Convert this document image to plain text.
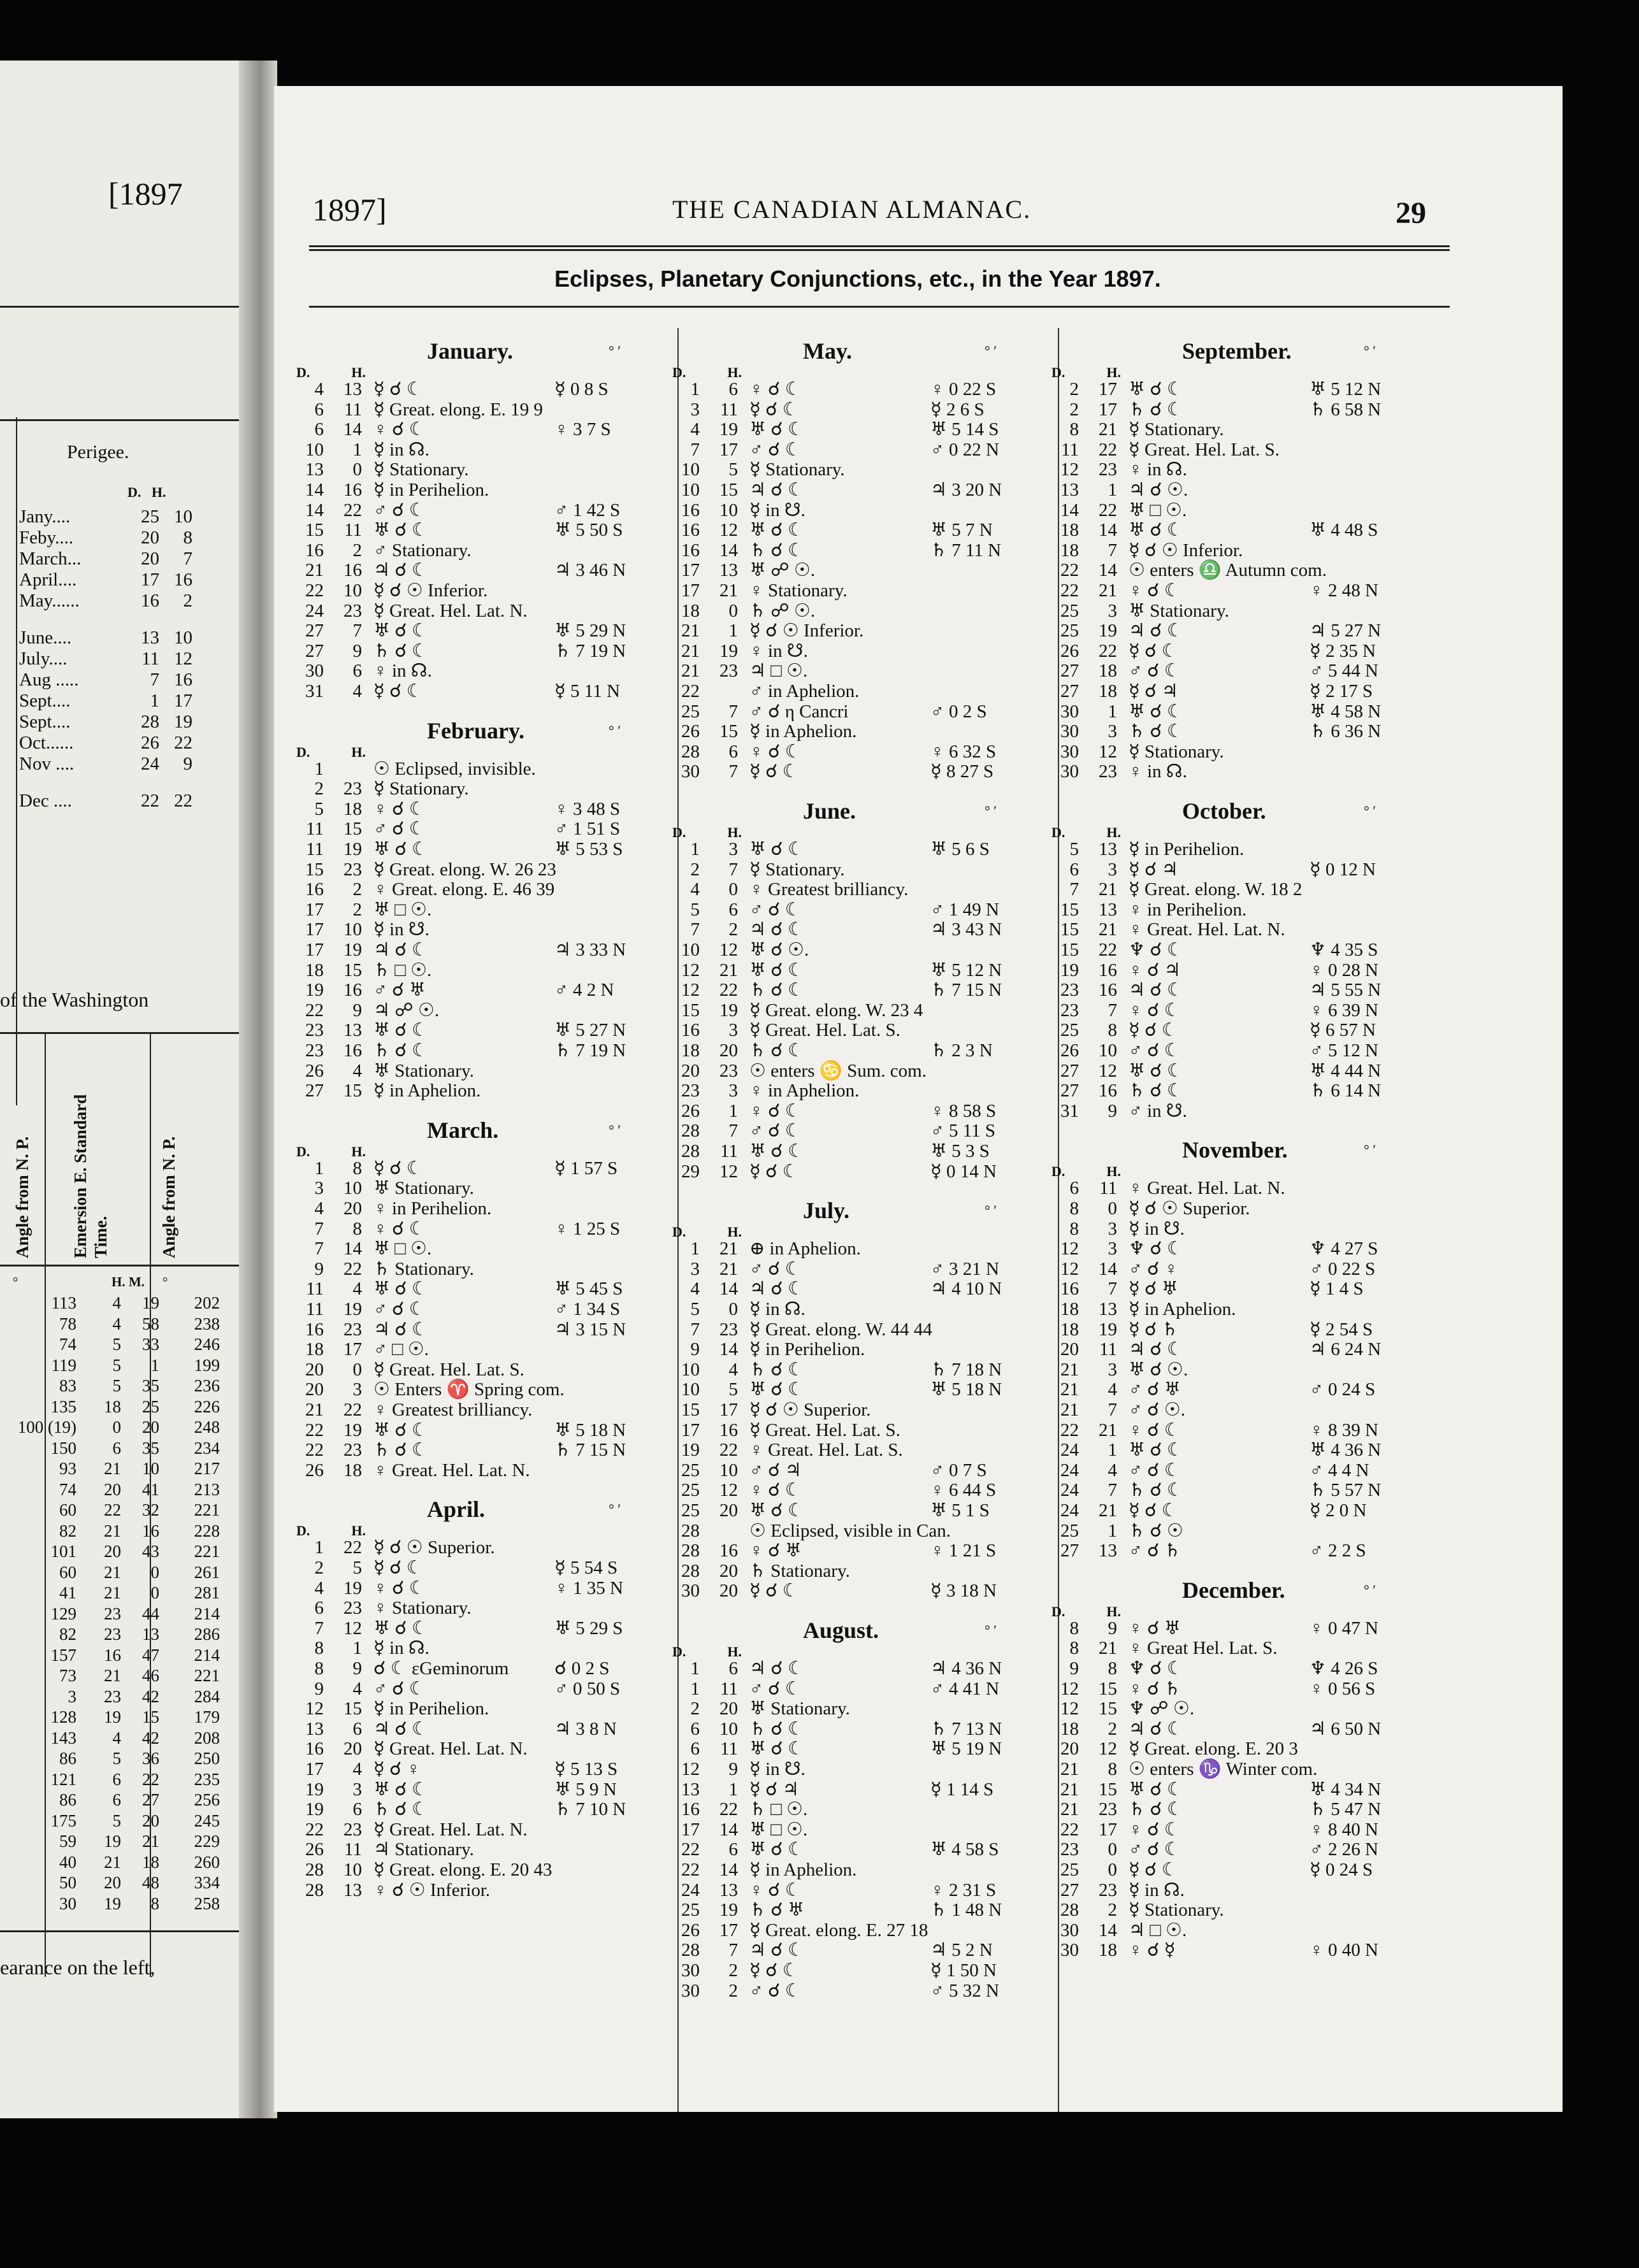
[1897
Perigee.
D. H.
Jany....	25 10
Feby....	20 8
March...	20 7
April....	17 16
May......	16 2
June....	13 10
July....	11 12
Aug .....	7 16
Sept....	1 17
Sept....	28 19
Oct......	26 22
Nov ....	24 9
Dec ....	22 22
of the Washington
Angle from N. P. Emersion E. Standard Time.	Angle from N. P.
°	H. M. °
113 4 19 202
78 4 58 238
74 5 33 246
119 5 1 199
83 5 35 236
135 18 25 226
100 (19) 0 20 248
150 6 35 234
93 21 10 217
74 20 41 213
60 22 32 221
82 21 16 228
101 20 43 221
60 21 0 261
41 21 0 281
129 23 44 214
82 23 13 286
157 16 47 214
73 21 46 221
3 23 42 284
128 19 15 179
143 4 42 208
86 5 36 250
121 6 22 235
86 6 27 256
175 5 20 245
59 19 21 229
40 21 18 260
50 20 48 334
30 19 8 258
earance on the left,
1897]	THE CANADIAN ALMANAC.	29
Eclipses, Planetary Conjunctions, etc., in the Year 1897.
January.	° ′
D.	H.
4 13 ☿ ☌ ☾	☿ 0 8 S
6 11 ☿ Great. elong. E. 19 9
6 14 ♀ ☌ ☾	♀ 3 7 S
10 1 ☿ in ☊.
13 0 ☿ Stationary.
14 16 ☿ in Perihelion.
14 22 ♂ ☌ ☾	♂ 1 42 S
15 11 ♅ ☌ ☾	♅ 5 50 S
16 2 ♂ Stationary.
21 16 ♃ ☌ ☾	♃ 3 46 N
22 10 ☿ ☌ ☉ Inferior.
24 23 ☿ Great. Hel. Lat. N.
27 7 ♅ ☌ ☾	♅ 5 29 N
27 9 ♄ ☌ ☾	♄ 7 19 N
30 6 ♀ in ☊.
31 4 ☿ ☌ ☾	☿ 5 11 N
February.	° ′
D.	H.
1	☉ Eclipsed, invisible.
2 23 ☿ Stationary.
5 18 ♀ ☌ ☾	♀ 3 48 S
11 15 ♂ ☌ ☾	♂ 1 51 S
11 19 ♅ ☌ ☾	♅ 5 53 S
15 23 ☿ Great. elong. W. 26 23
16 2 ♀ Great. elong. E. 46 39
17 2 ♅ □ ☉.
17 10 ☿ in ☋.
17 19 ♃ ☌ ☾	♃ 3 33 N
18 15 ♄ □ ☉.
19 16 ♂ ☌ ♅	♂ 4 2 N
22 9 ♃ ☍ ☉.
23 13 ♅ ☌ ☾	♅ 5 27 N
23 16 ♄ ☌ ☾	♄ 7 19 N
26 4 ♅ Stationary.
27 15 ☿ in Aphelion.
March.	° ′
D.	H.
1 8 ☿ ☌ ☾	☿ 1 57 S
3 10 ♅ Stationary.
4 20 ♀ in Perihelion.
7 8 ♀ ☌ ☾	♀ 1 25 S
7 14 ♅ □ ☉.
9 22 ♄ Stationary.
11 4 ♅ ☌ ☾	♅ 5 45 S
11 19 ♂ ☌ ☾	♂ 1 34 S
16 23 ♃ ☌ ☾	♃ 3 15 N
18 17 ♂ □ ☉.
20 0 ☿ Great. Hel. Lat. S.
20 3 ☉ Enters ♈ Spring com.
21 22 ♀ Greatest brilliancy.
22 19 ♅ ☌ ☾	♅ 5 18 N
22 23 ♄ ☌ ☾	♄ 7 15 N
26 18 ♀ Great. Hel. Lat. N.
April.	° ′
D.	H.
1 22 ☿ ☌ ☉ Superior.
2 5 ☿ ☌ ☾	☿ 5 54 S
4 19 ♀ ☌ ☾	♀ 1 35 N
6 23 ♀ Stationary.
7 12 ♅ ☌ ☾	♅ 5 29 S
8 1 ☿ in ☊.
8 9 ☌ ☾ εGeminorum ☌ 0 2 S
9 4 ♂ ☌ ☾	♂ 0 50 S
12 15 ☿ in Perihelion.
13 6 ♃ ☌ ☾	♃ 3 8 N
16 20 ☿ Great. Hel. Lat. N.
17 4 ☿ ☌ ♀	☿ 5 13 S
19 3 ♅ ☌ ☾	♅ 5 9 N
19 6 ♄ ☌ ☾	♄ 7 10 N
22 23 ☿ Great. Hel. Lat. N.
26 11 ♃ Stationary.
28 10 ☿ Great. elong. E. 20 43
28 13 ♀ ☌ ☉ Inferior.
May.	° ′
D.	H.
1 6 ♀ ☌ ☾	♀ 0 22 S
3 11 ☿ ☌ ☾	☿ 2 6 S
4 19 ♅ ☌ ☾	♅ 5 14 S
7 17 ♂ ☌ ☾	♂ 0 22 N
10 5 ☿ Stationary.
10 15 ♃ ☌ ☾	♃ 3 20 N
16 10 ☿ in ☋.
16 12 ♅ ☌ ☾	♅ 5 7 N
16 14 ♄ ☌ ☾	♄ 7 11 N
17 13 ♅ ☍ ☉.
17 21 ♀ Stationary.
18 0 ♄ ☍ ☉.
21 1 ☿ ☌ ☉ Inferior.
21 19 ♀ in ☋.
21 23 ♃ □ ☉.
22	♂ in Aphelion.
25 7 ♂ ☌ η Cancri	♂ 0 2 S
26 15 ☿ in Aphelion.
28 6 ♀ ☌ ☾	♀ 6 32 S
30 7 ☿ ☌ ☾	☿ 8 27 S
June.	° ′
D.	H.
1 3 ♅ ☌ ☾	♅ 5 6 S
2 7 ☿ Stationary.
4 0 ♀ Greatest brilliancy.
5 6 ♂ ☌ ☾	♂ 1 49 N
7 2 ♃ ☌ ☾	♃ 3 43 N
10 12 ♅ ☌ ☉.
12 21 ♅ ☌ ☾	♅ 5 12 N
12 22 ♄ ☌ ☾	♄ 7 15 N
15 19 ☿ Great. elong. W. 23 4
16 3 ☿ Great. Hel. Lat. S.
18 20 ♄ ☌ ☾	♄ 2 3 N
20 23 ☉ enters ♋ Sum. com.
23 3 ♀ in Aphelion.
26 1 ♀ ☌ ☾	♀ 8 58 S
28 7 ♂ ☌ ☾	♂ 5 11 S
28 11 ♅ ☌ ☾	♅ 5 3 S
29 12 ☿ ☌ ☾	☿ 0 14 N
July.	° ′
D.	H.
1 21 ⊕ in Aphelion.
3 21 ♂ ☌ ☾	♂ 3 21 N
4 14 ♃ ☌ ☾	♃ 4 10 N
5 0 ☿ in ☊.
7 23 ☿ Great. elong. W. 44 44
9 14 ☿ in Perihelion.
10 4 ♄ ☌ ☾	♄ 7 18 N
10 5 ♅ ☌ ☾	♅ 5 18 N
15 17 ☿ ☌ ☉ Superior.
17 16 ☿ Great. Hel. Lat. S.
19 22 ♀ Great. Hel. Lat. S.
25 10 ♂ ☌ ♃	♂ 0 7 S
25 12 ♀ ☌ ☾	♀ 6 44 S
25 20 ♅ ☌ ☾	♅ 5 1 S
28	☉ Eclipsed, visible in Can.
28 16 ♀ ☌ ♅	♀ 1 21 S
28 20 ♄ Stationary.
30 20 ☿ ☌ ☾	☿ 3 18 N
August.	° ′
D.	H.
1 6 ♃ ☌ ☾	♃ 4 36 N
1 11 ♂ ☌ ☾	♂ 4 41 N
2 20 ♅ Stationary.
6 10 ♄ ☌ ☾	♄ 7 13 N
6 11 ♅ ☌ ☾	♅ 5 19 N
12 9 ☿ in ☋.
13 1 ☿ ☌ ♃	☿ 1 14 S
16 22 ♄ □ ☉.
17 14 ♅ □ ☉.
22 6 ♅ ☌ ☾	♅ 4 58 S
22 14 ☿ in Aphelion.
24 13 ♀ ☌ ☾	♀ 2 31 S
25 19 ♄ ☌ ♅	♄ 1 48 N
26 17 ☿ Great. elong. E. 27 18
28 7 ♃ ☌ ☾	♃ 5 2 N
30 2 ☿ ☌ ☾	☿ 1 50 N
30 2 ♂ ☌ ☾	♂ 5 32 N
September.	° ′
D.	H.
2 17 ♅ ☌ ☾	♅ 5 12 N
2 17 ♄ ☌ ☾	♄ 6 58 N
8 21 ☿ Stationary.
11 22 ☿ Great. Hel. Lat. S.
12 23 ♀ in ☊.
13 1 ♃ ☌ ☉.
14 22 ♅ □ ☉.
18 14 ♅ ☌ ☾	♅ 4 48 S
18 7 ☿ ☌ ☉ Inferior.
22 14 ☉ enters ♎ Autumn com.
22 21 ♀ ☌ ☾	♀ 2 48 N
25 3 ♅ Stationary.
25 19 ♃ ☌ ☾	♃ 5 27 N
26 22 ☿ ☌ ☾	☿ 2 35 N
27 18 ♂ ☌ ☾	♂ 5 44 N
27 18 ☿ ☌ ♃	☿ 2 17 S
30 1 ♅ ☌ ☾	♅ 4 58 N
30 3 ♄ ☌ ☾	♄ 6 36 N
30 12 ☿ Stationary.
30 23 ♀ in ☊.
October.	° ′
D.	H.
5 13 ☿ in Perihelion.
6 3 ☿ ☌ ♃	☿ 0 12 N
7 21 ☿ Great. elong. W. 18 2
15 13 ♀ in Perihelion.
15 21 ♀ Great. Hel. Lat. N.
15 22 ♆ ☌ ☾	♆ 4 35 S
19 16 ♀ ☌ ♃	♀ 0 28 N
23 16 ♃ ☌ ☾	♃ 5 55 N
23 7 ♀ ☌ ☾	♀ 6 39 N
25 8 ☿ ☌ ☾	☿ 6 57 N
26 10 ♂ ☌ ☾	♂ 5 12 N
27 12 ♅ ☌ ☾	♅ 4 44 N
27 16 ♄ ☌ ☾	♄ 6 14 N
31 9 ♂ in ☋.
November.	° ′
D.	H.
6 11 ♀ Great. Hel. Lat. N.
8 0 ☿ ☌ ☉ Superior.
8 3 ☿ in ☋.
12 3 ♆ ☌ ☾	♆ 4 27 S
12 14 ♂ ☌ ♀	♂ 0 22 S
16 7 ☿ ☌ ♅	☿ 1 4 S
18 13 ☿ in Aphelion.
18 19 ☿ ☌ ♄	☿ 2 54 S
20 11 ♃ ☌ ☾	♃ 6 24 N
21 3 ♅ ☌ ☉.
21 4 ♂ ☌ ♅	♂ 0 24 S
21 7 ♂ ☌ ☉.
22 21 ♀ ☌ ☾	♀ 8 39 N
24 1 ♅ ☌ ☾	♅ 4 36 N
24 4 ♂ ☌ ☾	♂ 4 4 N
24 7 ♄ ☌ ☾	♄ 5 57 N
24 21 ☿ ☌ ☾	☿ 2 0 N
25 1 ♄ ☌ ☉
27 13 ♂ ☌ ♄	♂ 2 2 S
December.	° ′
D.	H.
8 9 ♀ ☌ ♅	♀ 0 47 N
8 21 ♀ Great Hel. Lat. S.
9 8 ♆ ☌ ☾	♆ 4 26 S
12 15 ♀ ☌ ♄	♀ 0 56 S
12 15 ♆ ☍ ☉.
18 2 ♃ ☌ ☾	♃ 6 50 N
20 12 ☿ Great. elong. E. 20 3
21 8 ☉ enters ♑ Winter com.
21 15 ♅ ☌ ☾	♅ 4 34 N
21 23 ♄ ☌ ☾	♄ 5 47 N
22 17 ♀ ☌ ☾	♀ 8 40 N
23 0 ♂ ☌ ☾	♂ 2 26 N
25 0 ☿ ☌ ☾	☿ 0 24 S
27 23 ☿ in ☊.
28 2 ☿ Stationary.
30 14 ♃ □ ☉.
30 18 ♀ ☌ ☿	♀ 0 40 N
